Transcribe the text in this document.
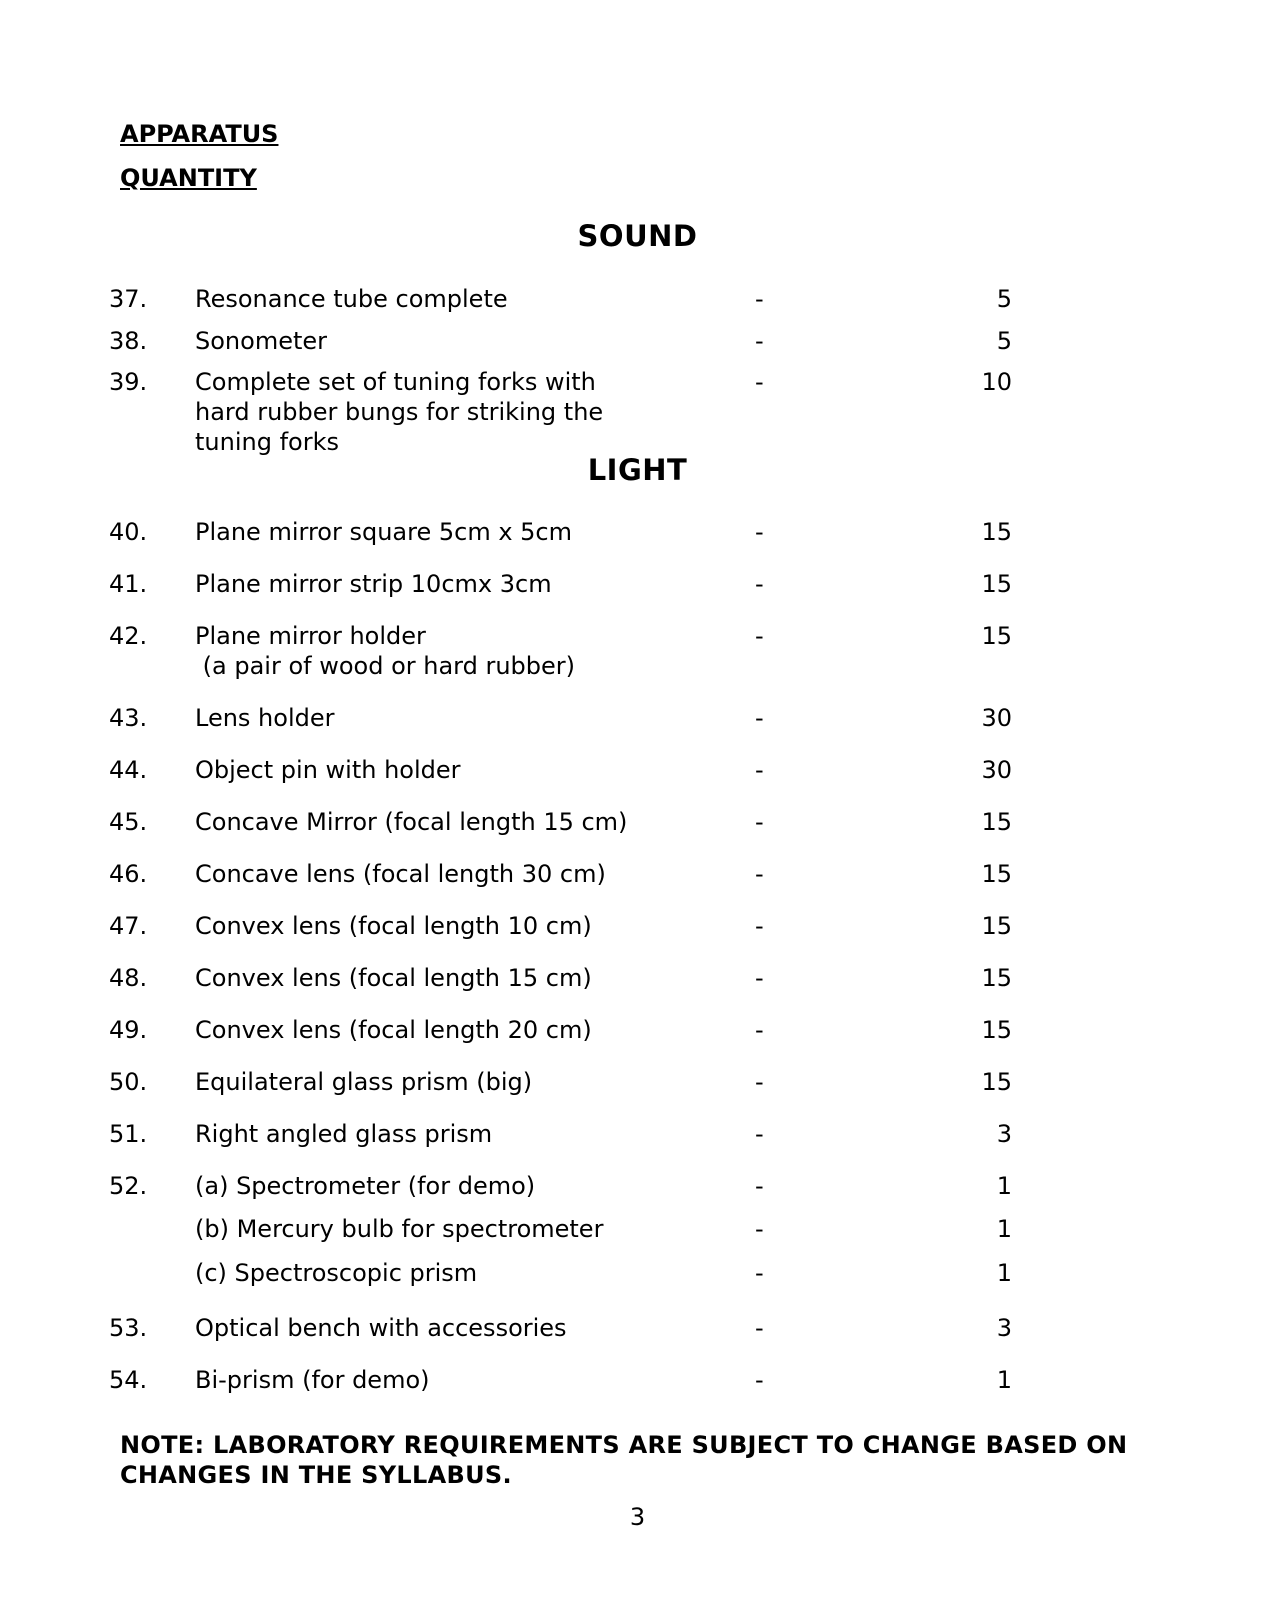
APPARATUS
QUANTITY
SOUND
37. Resonance tube complete	-	5
38. Sonometer	-	5
39. Complete set of tuning forks with
hard rubber bungs for striking the
tuning forks
-	10
LIGHT
40. Plane mirror square 5cm x 5cm	-	15
41. Plane mirror strip 10cmx 3cm	-	15
42. Plane mirror holder
(a pair of wood or hard rubber)
-	15
43. Lens holder	-	30
44. Object pin with holder	-	30
45. Concave Mirror (focal length 15 cm)	-	15
46. Concave lens (focal length 30 cm)	-	15
47. Convex lens (focal length 10 cm)	-	15
48. Convex lens (focal length 15 cm)	-	15
49. Convex lens (focal length 20 cm)	-	15
50. Equilateral glass prism (big)	-	15
51. Right angled glass prism	-	3
52. (a) Spectrometer (for demo)	-	1
(b) Mercury bulb for spectrometer	-	1
(c) Spectroscopic prism	-	1
53. Optical bench with accessories	-	3
54. Bi-prism (for demo)	-	1
NOTE: LABORATORY REQUIREMENTS ARE SUBJECT TO CHANGE BASED ON CHANGES IN THE SYLLABUS.
3
